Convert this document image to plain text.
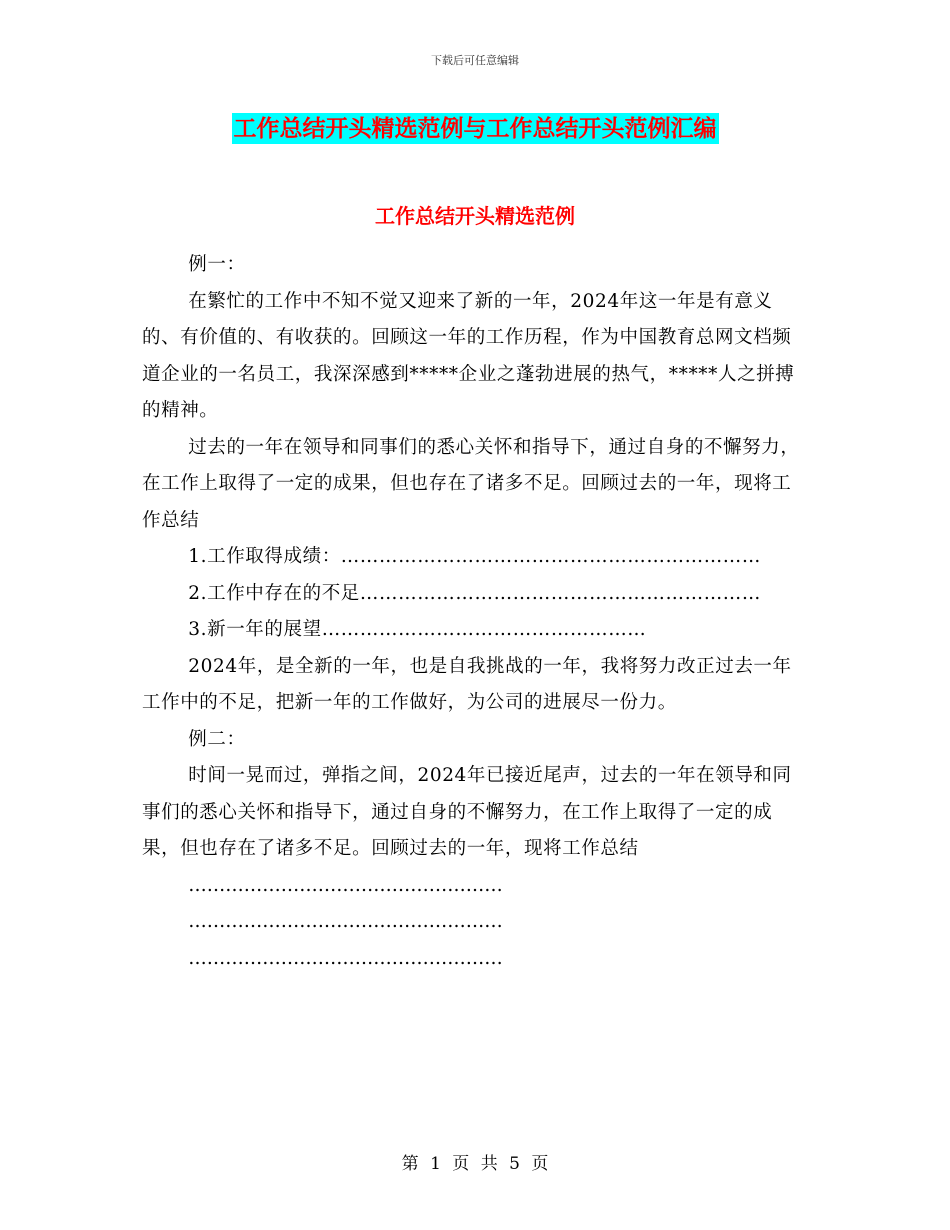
下载后可任意编辑
工作总结开头精选范例与工作总结开头范例汇编
工作总结开头精选范例

例一：

在繁忙的工作中不知不觉又迎来了新的一年，2024年这一年是有意义的、有价值的、有收获的。回顾这一年的工作历程，作为中国教育总网文档频道企业的一名员工，我深深感到*****企业之蓬勃进展的热气，*****人之拼搏的精神。

过去的一年在领导和同事们的悉心关怀和指导下，通过自身的不懈努力，在工作上取得了一定的成果，但也存在了诸多不足。回顾过去的一年，现将工作总结

1.工作取得成绩：…………………………………………………………

2.工作中存在的不足………………………………………………………

3.新一年的展望……………………………………………

2024年，是全新的一年，也是自我挑战的一年，我将努力改正过去一年工作中的不足，把新一年的工作做好，为公司的进展尽一份力。

例二：

时间一晃而过，弹指之间，2024年已接近尾声，过去的一年在领导和同事们的悉心关怀和指导下，通过自身的不懈努力，在工作上取得了一定的成果，但也存在了诸多不足。回顾过去的一年，现将工作总结

……………………………………………

……………………………………………

……………………………………………

第 1 页 共 5 页
